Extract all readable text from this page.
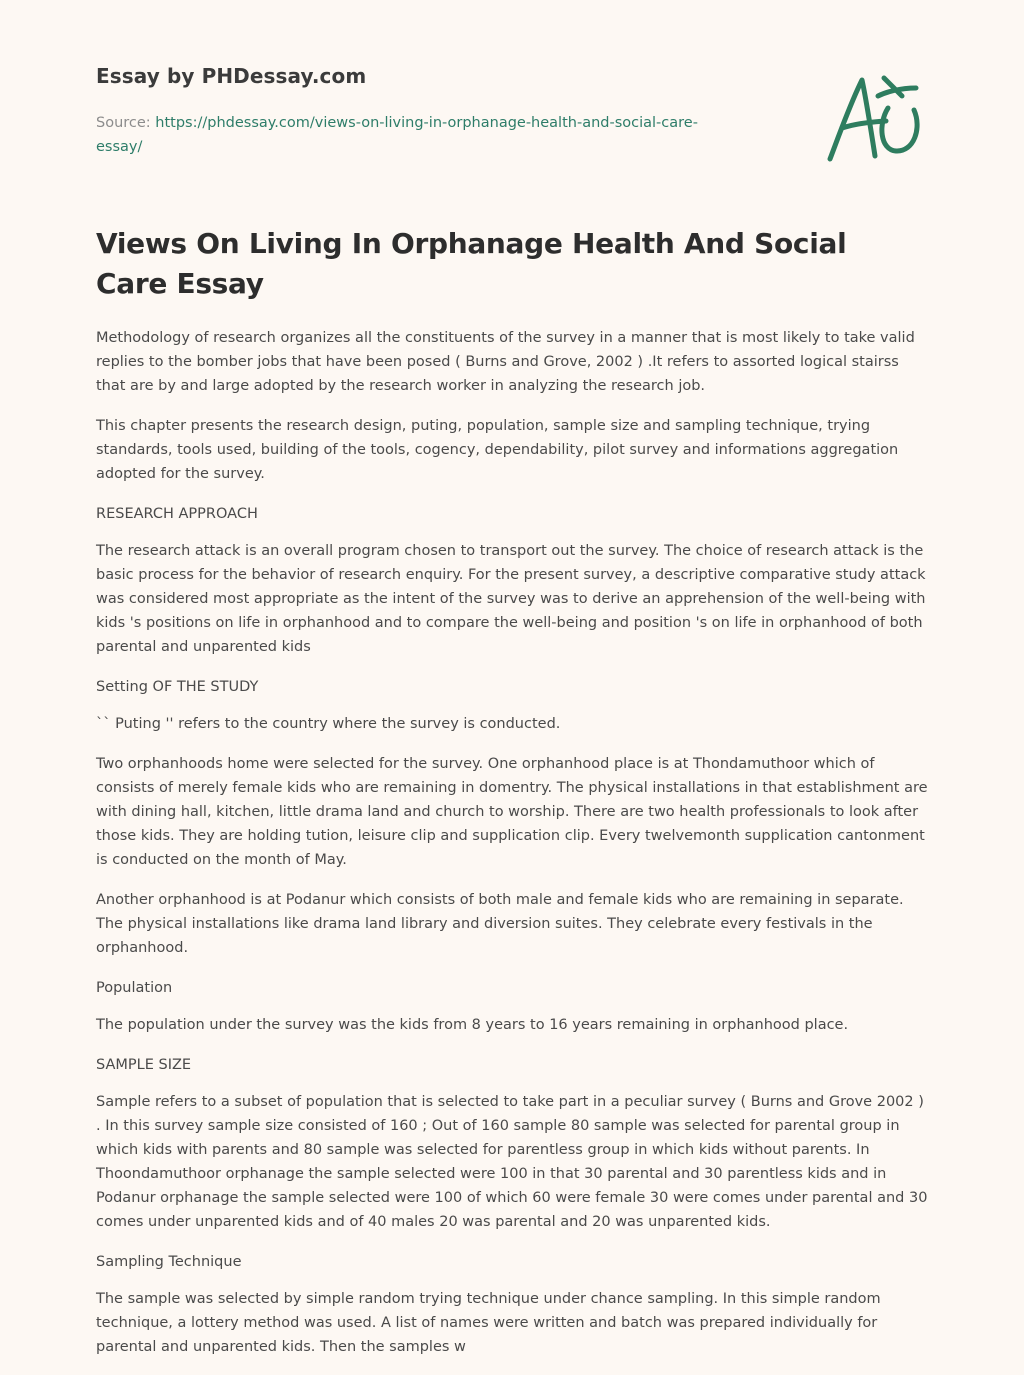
Essay by PHDessay.com
Source: https://phdessay.com/views-on-living-in-orphanage-health-and-social-care-essay/
Views On Living In Orphanage Health And Social Care Essay

Methodology of research organizes all the constituents of the survey in a manner that is most likely to take valid replies to the bomber jobs that have been posed ( Burns and Grove, 2002 ) .It refers to assorted logical stairss that are by and large adopted by the research worker in analyzing the research job.

This chapter presents the research design, puting, population, sample size and sampling technique, trying standards, tools used, building of the tools, cogency, dependability, pilot survey and informations aggregation adopted for the survey.

RESEARCH APPROACH

The research attack is an overall program chosen to transport out the survey. The choice of research attack is the basic process for the behavior of research enquiry. For the present survey, a descriptive comparative study attack was considered most appropriate as the intent of the survey was to derive an apprehension of the well-being with kids 's positions on life in orphanhood and to compare the well-being and position 's on life in orphanhood of both parental and unparented kids

Setting OF THE STUDY

`` Puting '' refers to the country where the survey is conducted.

Two orphanhoods home were selected for the survey. One orphanhood place is at Thondamuthoor which of consists of merely female kids who are remaining in domentry. The physical installations in that establishment are with dining hall, kitchen, little drama land and church to worship. There are two health professionals to look after those kids. They are holding tution, leisure clip and supplication clip. Every twelvemonth supplication cantonment is conducted on the month of May.

Another orphanhood is at Podanur which consists of both male and female kids who are remaining in separate. The physical installations like drama land library and diversion suites. They celebrate every festivals in the orphanhood.

Population

The population under the survey was the kids from 8 years to 16 years remaining in orphanhood place.

SAMPLE SIZE

Sample refers to a subset of population that is selected to take part in a peculiar survey ( Burns and Grove 2002 ) . In this survey sample size consisted of 160 ; Out of 160 sample 80 sample was selected for parental group in which kids with parents and 80 sample was selected for parentless group in which kids without parents. In Thoondamuthoor orphanage the sample selected were 100 in that 30 parental and 30 parentless kids and in Podanur orphanage the sample selected were 100 of which 60 were female 30 were comes under parental and 30 comes under unparented kids and of 40 males 20 was parental and 20 was unparented kids.

Sampling Technique

The sample was selected by simple random trying technique under chance sampling. In this simple random technique, a lottery method was used. A list of names were written and batch was prepared individually for parental and unparented kids. Then the samples w
